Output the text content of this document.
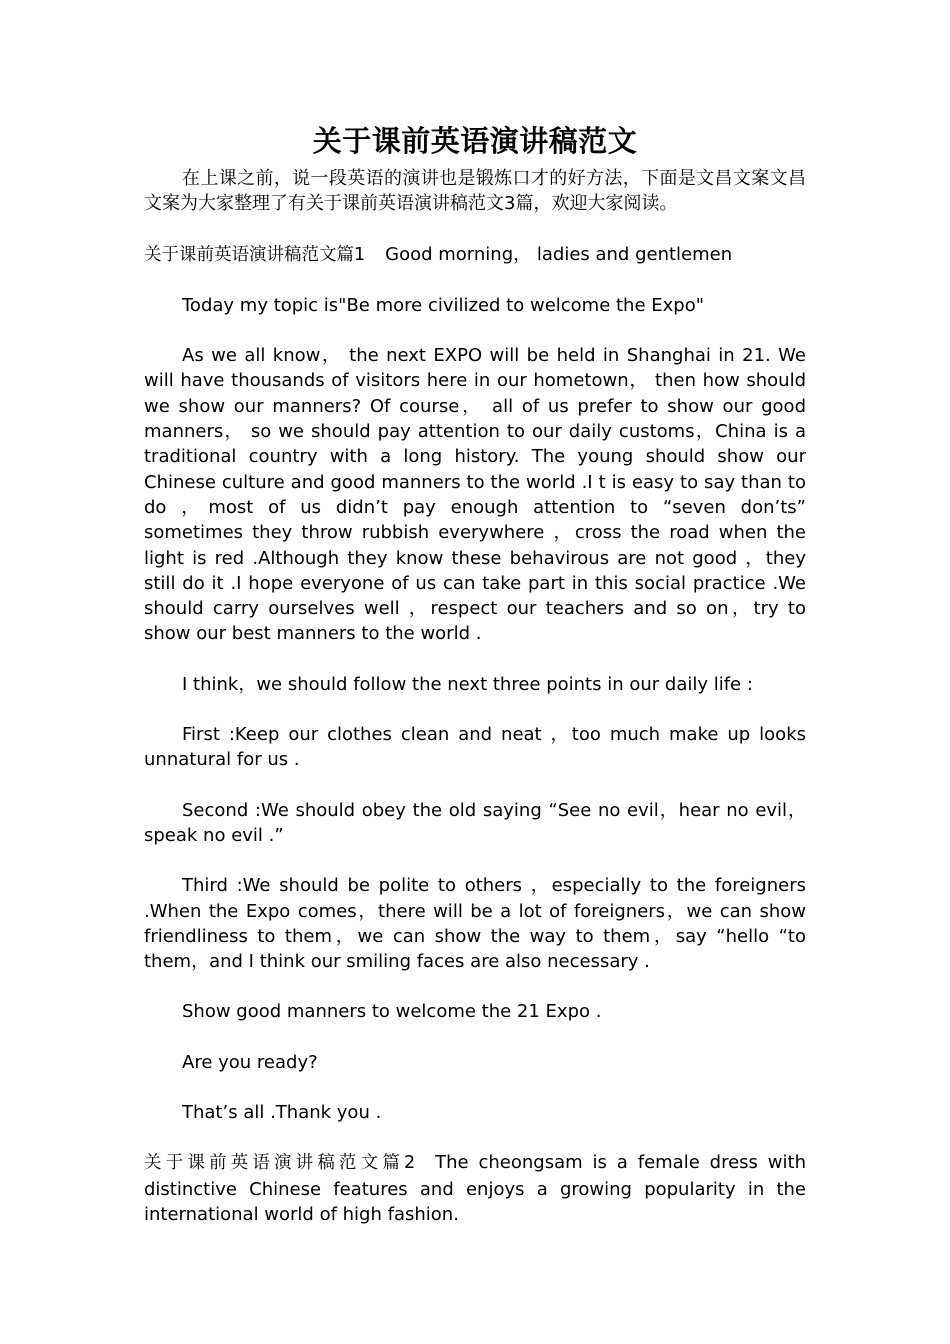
关于课前英语演讲稿范文

在上课之前，说一段英语的演讲也是锻炼口才的好方法，下面是文昌文案文昌文案为大家整理了有关于课前英语演讲稿范文3篇，欢迎大家阅读。

关于课前英语演讲稿范文篇1 Good morning， ladies and gentlemen

Today my topic is"Be more civilized to welcome the Expo"

As we all know， the next EXPO will be held in Shanghai in 21. We will have thousands of visitors here in our hometown， then how should we show our manners? Of course， all of us prefer to show our good manners， so we should pay attention to our daily customs，China is a traditional country with a long history. The young should show our Chinese culture and good manners to the world .I t is easy to say than to do ，most of us didn’t pay enough attention to “seven don’ts” sometimes they throw rubbish everywhere ，cross the road when the light is red .Although they know these behavirous are not good ，they still do it .I hope everyone of us can take part in this social practice .We should carry ourselves well ，respect our teachers and so on，try to show our best manners to the world .

I think，we should follow the next three points in our daily life :

First :Keep our clothes clean and neat ，too much make up looks unnatural for us .

Second :We should obey the old saying “See no evil，hear no evil，speak no evil .”

Third :We should be polite to others ，especially to the foreigners .When the Expo comes，there will be a lot of foreigners，we can show friendliness to them，we can show the way to them，say “hello “to them，and I think our smiling faces are also necessary .

Show good manners to welcome the 21 Expo .

Are you ready?

That’s all .Thank you .

关于课前英语演讲稿范文篇2 The cheongsam is a female dress with distinctive Chinese features and enjoys a growing popularity in the international world of high fashion.
